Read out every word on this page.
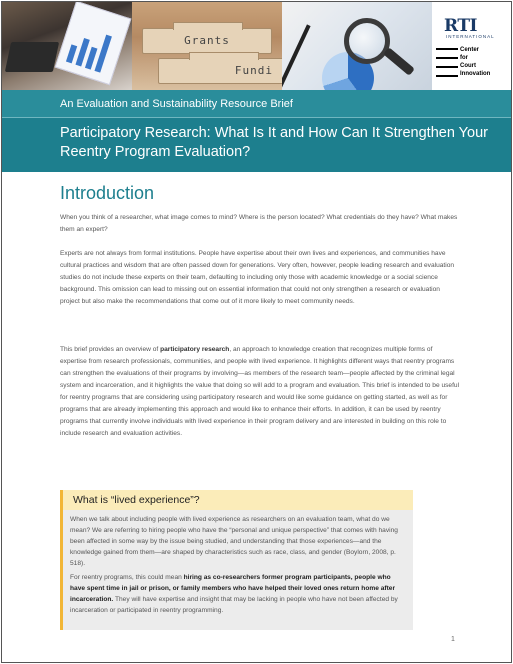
Grants
Fundi
RTI
INTERNATIONAL
Center
for
Court
Innovation
An Evaluation and Sustainability Resource Brief
Participatory Research: What Is It and How Can It Strengthen Your Reentry Program Evaluation?
Introduction

When you think of a researcher, what image comes to mind? Where is the person located? What credentials do they have? What makes them an expert?

Experts are not always from formal institutions. People have expertise about their own lives and experiences, and communities have cultural practices and wisdom that are often passed down for generations. Very often, however, people leading research and evaluation studies do not include these experts on their team, defaulting to including only those with academic knowledge or a social science background. This omission can lead to missing out on essential information that could not only strengthen a research or evaluation project but also make the recommendations that come out of it more likely to meet community needs.

This brief provides an overview of participatory research, an approach to knowledge creation that recognizes multiple forms of expertise from research professionals, communities, and people with lived experience. It highlights different ways that reentry programs can strengthen the evaluations of their programs by involving—as members of the research team—people affected by the criminal legal system and incarceration, and it highlights the value that doing so will add to a program and evaluation. This brief is intended to be useful for reentry programs that are considering using participatory research and would like some guidance on getting started, as well as for programs that are already implementing this approach and would like to enhance their efforts. In addition, it can be used by reentry programs that currently involve individuals with lived experience in their program delivery and are interested in building on this role to include research and evaluation activities.

What is “lived experience”?

When we talk about including people with lived experience as researchers on an evaluation team, what do we mean? We are referring to hiring people who have the “personal and unique perspective” that comes with having been affected in some way by the issue being studied, and understanding that those experiences—and the knowledge gained from them—are shaped by characteristics such as race, class, and gender (Boylorn, 2008, p. 518).

For reentry programs, this could mean hiring as co-researchers former program participants, people who have spent time in jail or prison, or family members who have helped their loved ones return home after incarceration. They will have expertise and insight that may be lacking in people who have not been affected by incarceration or participated in reentry programming.

1
